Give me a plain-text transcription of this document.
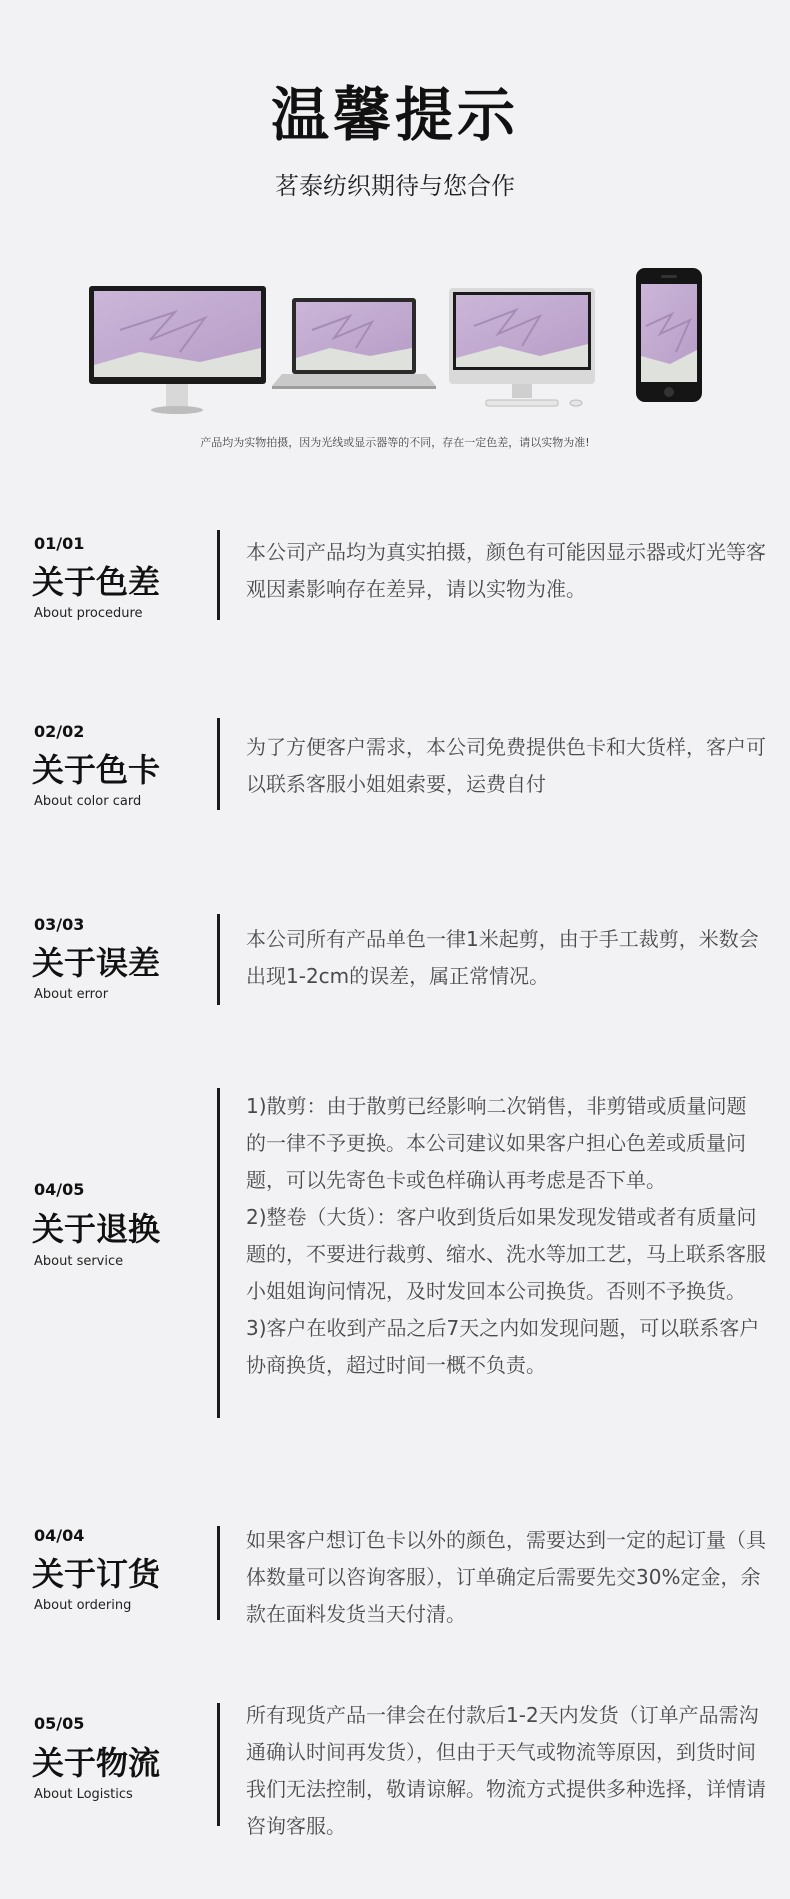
温馨提示
茗泰纺织期待与您合作
产品均为实物拍摄，因为光线或显示器等的不同，存在一定色差，请以实物为准!
01/01
关于色差
About procedure

本公司产品均为真实拍摄，颜色有可能因显示器或灯光等客观因素影响存在差异，请以实物为准。

02/02
关于色卡
About color card

为了方便客户需求，本公司免费提供色卡和大货样，客户可以联系客服小姐姐索要，运费自付

03/03
关于误差
About error

本公司所有产品单色一律1米起剪，由于手工裁剪，米数会出现1-2cm的误差，属正常情况。

04/05
关于退换
About service

1)散剪：由于散剪已经影响二次销售，非剪错或质量问题的一律不予更换。本公司建议如果客户担心色差或质量问题，可以先寄色卡或色样确认再考虑是否下单。

2)整卷（大货）：客户收到货后如果发现发错或者有质量问题的，不要进行裁剪、缩水、洗水等加工艺，马上联系客服小姐姐询问情况，及时发回本公司换货。否则不予换货。

3)客户在收到产品之后7天之内如发现问题，可以联系客户协商换货，超过时间一概不负责。

04/04
关于订货
About ordering

如果客户想订色卡以外的颜色，需要达到一定的起订量（具体数量可以咨询客服），订单确定后需要先交30%定金，余款在面料发货当天付清。

05/05
关于物流
About Logistics

所有现货产品一律会在付款后1-2天内发货（订单产品需沟通确认时间再发货），但由于天气或物流等原因，到货时间我们无法控制，敬请谅解。物流方式提供多种选择，详情请咨询客服。
